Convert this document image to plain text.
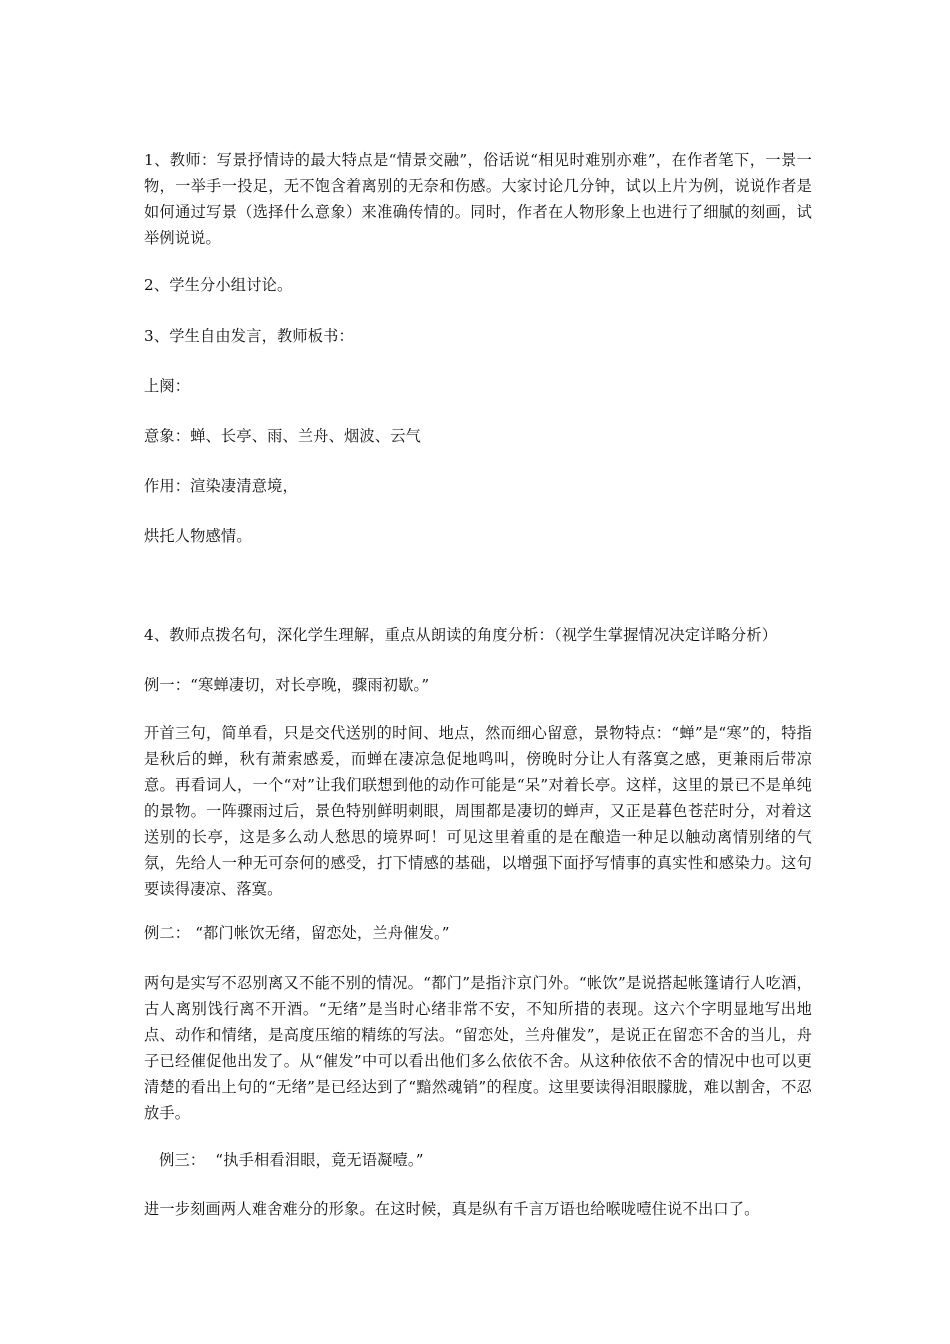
1、教师：写景抒情诗的最大特点是“情景交融”，俗话说“相见时难别亦难”，在作者笔下，一景一物，一举手一投足，无不饱含着离别的无奈和伤感。大家讨论几分钟，试以上片为例，说说作者是如何通过写景（选择什么意象）来准确传情的。同时，作者在人物形象上也进行了细腻的刻画，试举例说说。

2、学生分小组讨论。

3、学生自由发言，教师板书：

上阕：

意象：蝉、长亭、雨、兰舟、烟波、云气

作用：渲染凄清意境，

烘托人物感情。

4、教师点拨名句，深化学生理解，重点从朗读的角度分析：（视学生掌握情况决定详略分析）

例一：“寒蝉凄切，对长亭晚，骤雨初歇。”

开首三句，简单看，只是交代送别的时间、地点，然而细心留意，景物特点：“蝉”是“寒”的，特指是秋后的蝉，秋有萧索感爰，而蝉在凄凉急促地鸣叫，傍晚时分让人有落寞之感，更兼雨后带凉意。再看词人，一个“对”让我们联想到他的动作可能是“呆”对着长亭。这样，这里的景已不是单纯的景物。一阵骤雨过后，景色特别鲜明刺眼，周围都是凄切的蝉声，又正是暮色苍茫时分，对着这送别的长亭，这是多么动人愁思的境界呵！可见这里着重的是在酿造一种足以触动离情别绪的气氛，先给人一种无可奈何的感受，打下情感的基础，以增强下面抒写情事的真实性和感染力。这句要读得凄凉、落寞。

例二： “都门帐饮无绪，留恋处，兰舟催发。”

两句是实写不忍别离又不能不别的情况。“都门”是指汴京门外。“帐饮”是说搭起帐篷请行人吃酒，古人离别饯行离不开酒。“无绪”是当时心绪非常不安，不知所措的表现。这六个字明显地写出地点、动作和情绪，是高度压缩的精练的写法。“留恋处，兰舟催发”，是说正在留恋不舍的当儿，舟子已经催促他出发了。从“催发”中可以看出他们多么依依不舍。从这种依依不舍的情况中也可以更清楚的看出上句的“无绪”是已经达到了“黯然魂销”的程度。这里要读得泪眼朦胧，难以割舍，不忍放手。

例三：  “执手相看泪眼，竟无语凝噎。”

进一步刻画两人难舍难分的形象。在这时候，真是纵有千言万语也给喉咙噎住说不出口了。
